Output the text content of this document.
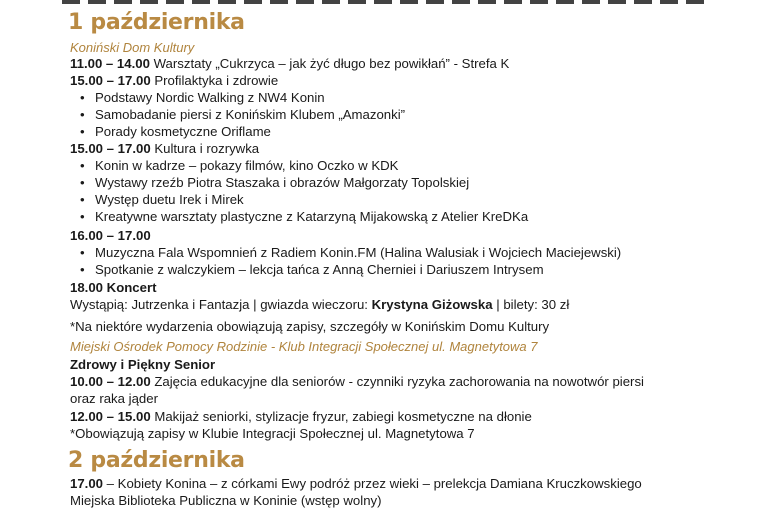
1 października
Koniński Dom Kultury
11.00 – 14.00 Warsztaty „Cukrzyca – jak żyć długo bez powikłań” - Strefa K
15.00 – 17.00 Profilaktyka i zdrowie
• Podstawy Nordic Walking z NW4 Konin
• Samobadanie piersi z Konińskim Klubem „Amazonki”
• Porady kosmetyczne Oriflame
15.00 – 17.00 Kultura i rozrywka
• Konin w kadrze – pokazy filmów, kino Oczko w KDK
• Wystawy rzeźb Piotra Staszaka i obrazów Małgorzaty Topolskiej
• Występ duetu Irek i Mirek
• Kreatywne warsztaty plastyczne z Katarzyną Mijakowską z Atelier KreDKa
16.00 – 17.00
• Muzyczna Fala Wspomnień z Radiem Konin.FM (Halina Walusiak i Wojciech Maciejewski)
• Spotkanie z walczykiem – lekcja tańca z Anną Cherniei i Dariuszem Intrysem
18.00 Koncert
Wystąpią: Jutrzenka i Fantazja | gwiazda wieczoru: Krystyna Giżowska | bilety: 30 zł
*Na niektóre wydarzenia obowiązują zapisy, szczegóły w Konińskim Domu Kultury
Miejski Ośrodek Pomocy Rodzinie - Klub Integracji Społecznej ul. Magnetytowa 7
Zdrowy i Piękny Senior
10.00 – 12.00 Zajęcia edukacyjne dla seniorów - czynniki ryzyka zachorowania na nowotwór piersi
oraz raka jąder
12.00 – 15.00 Makijaż seniorki, stylizacje fryzur, zabiegi kosmetyczne na dłonie
*Obowiązują zapisy w Klubie Integracji Społecznej ul. Magnetytowa 7
2 października
17.00 – Kobiety Konina – z córkami Ewy podróż przez wieki – prelekcja Damiana Kruczkowskiego
Miejska Biblioteka Publiczna w Koninie (wstęp wolny)
